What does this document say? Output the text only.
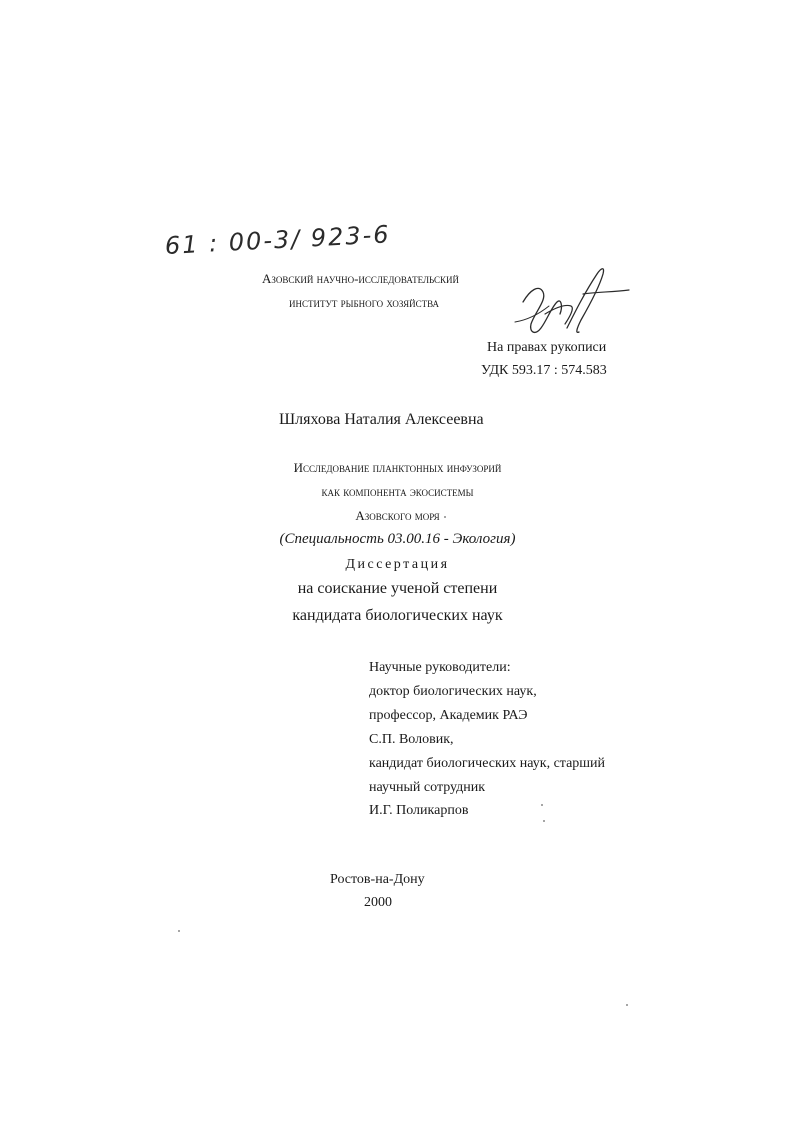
61 : 00-3/ 923-6
Азовский научно-исследовательский
институт рыбного хозяйства
На правах рукописи
УДК 593.17 : 574.583
Шляхова Наталия Алексеевна
Исследование планктонных инфузорий
как компонента экосистемы
Азовского моря
(Специальность 03.00.16 - Экология)
Диссертация
на соискание ученой степени
кандидата биологических наук
Научные руководители:
доктор биологических наук,
профессор, Академик РАЭ
С.П. Воловик,
кандидат биологических наук, старший
научный сотрудник
И.Г. Поликарпов
Ростов-на-Дону
2000
